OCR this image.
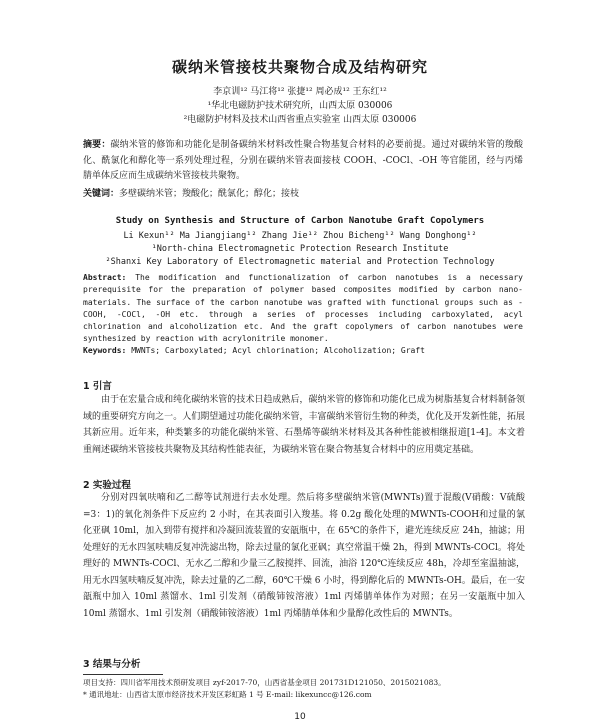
碳纳米管接枝共聚物合成及结构研究
李京训¹² 马江将¹² 张捷¹² 周必成¹² 王东红¹²
¹华北电磁防护技术研究所，山西太原 030006
²电磁防护材料及技术山西省重点实验室 山西太原 030006
摘要：碳纳米管的修饰和功能化是制备碳纳米材料改性聚合物基复合材料的必要前提。通过对碳纳米管的羧酸化、酰氯化和醇化等一系列处理过程，分别在碳纳米管表面接枝 COOH、-COCl、-OH 等官能团，经与丙烯腈单体反应而生成碳纳米管接枝共聚物。
关键词：多壁碳纳米管；羧酸化；酰氯化；醇化；接枝
Study on Synthesis and Structure of Carbon Nanotube Graft Copolymers
Li Kexun¹² Ma Jiangjiang¹² Zhang Jie¹² Zhou Bicheng¹² Wang Donghong¹²
¹North-china Electromagnetic Protection Research Institute
²Shanxi Key Laboratory of Electromagnetic material and Protection Technology
Abstract: The modification and functionalization of carbon nanotubes is a necessary prerequisite for the preparation of polymer based composites modified by carbon nano-materials. The surface of the carbon nanotube was grafted with functional groups such as -COOH, -COCl, -OH etc. through a series of processes including carboxylated, acyl chlorination and alcoholization etc. And the graft copolymers of carbon nanotubes were synthesized by reaction with acrylonitrile monomer.
Keywords: MWNTs; Carboxylated; Acyl chlorination; Alcoholization; Graft
1 引言
由于在宏量合成和纯化碳纳米管的技术日趋成熟后，碳纳米管的修饰和功能化已成为树脂基复合材料制备领域的重要研究方向之一。人们期望通过功能化碳纳米管，丰富碳纳米管衍生物的种类，优化及开发新性能，拓展其新应用。近年来，种类繁多的功能化碳纳米管、石墨烯等碳纳米材料及其各种性能被相继报道[1-4]。本文着重阐述碳纳米管接枝共聚物及其结构性能表征，为碳纳米管在聚合物基复合材料中的应用奠定基础。
2 实验过程
分别对四氧呋喃和乙二醇等试剂进行去水处理。然后将多壁碳纳米管(MWNTs)置于混酸(V硝酸：V硫酸=3：1)的氧化剂条件下反应约 2 小时，在其表面引入羧基。将 0.2g 酸化处理的MWNTs-COOH和过量的氯化亚砜 10ml，加入到带有搅拌和冷凝回流装置的安瓿瓶中，在 65℃的条件下，避光连续反应 24h，抽滤；用处理好的无水四氢呋喃反复冲洗滤出物，除去过量的氯化亚砜；真空常温干燥 2h，得到 MWNTs-COCl。将处理好的 MWNTs-COCl、无水乙二醇和少量三乙胺搅拌、回流，油浴 120℃连续反应 48h，冷却至室温抽滤，用无水四氢呋喃反复冲洗，除去过量的乙二醇，60℃干燥 6 小时，得到醇化后的 MWNTs-OH。最后，在一安瓿瓶中加入 10ml 蒸馏水、1ml 引发剂（硝酸铈铵溶液）1ml 丙烯腈单体作为对照；在另一安瓿瓶中加入 10ml 蒸馏水、1ml 引发剂（硝酸铈铵溶液）1ml 丙烯腈单体和少量醇化改性后的 MWNTs。
3 结果与分析
项目支持：四川省军用技术预研发项目 zyf-2017-70，山西省基金项目 201731D121050、2015021083。
* 通讯地址：山西省太原市经济技术开发区彩虹路 1 号 E-mail: likexuncc@126.com
10
